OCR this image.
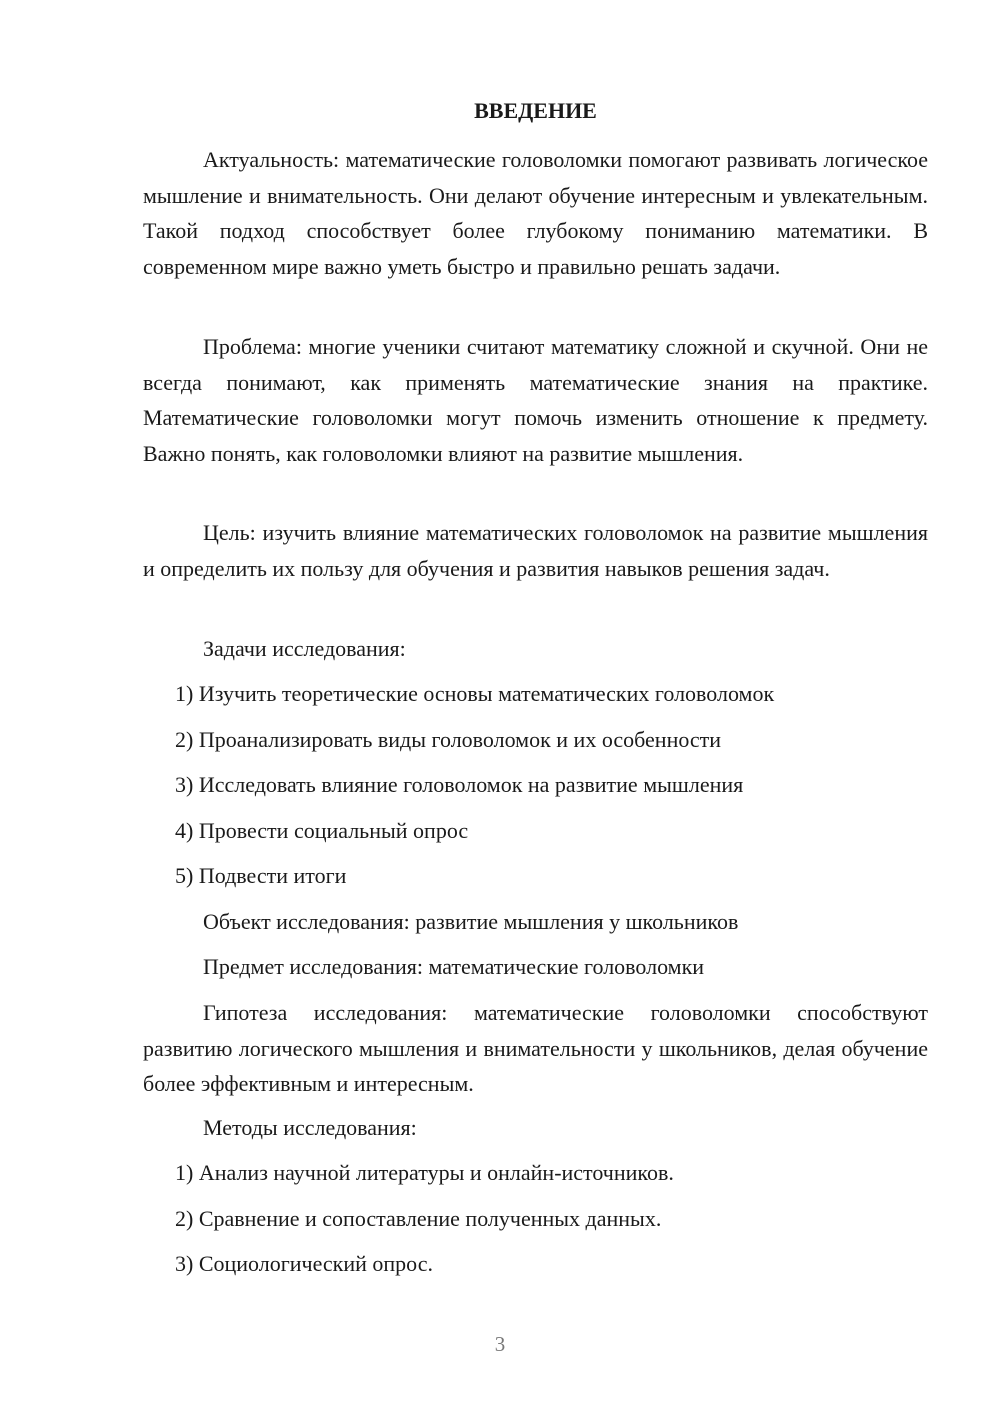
ВВЕДЕНИЕ

Актуальность: математические головоломки помогают развивать логическое мышление и внимательность. Они делают обучение интересным и увлекательным. Такой подход способствует более глубокому пониманию математики. В современном мире важно уметь быстро и правильно решать задачи.

Проблема: многие ученики считают математику сложной и скучной. Они не всегда понимают, как применять математические знания на практике. Математические головоломки могут помочь изменить отношение к предмету. Важно понять, как головоломки влияют на развитие мышления.

Цель: изучить влияние математических головоломок на развитие мышления и определить их пользу для обучения и развития навыков решения задач.

Задачи исследования:

1) Изучить теоретические основы математических головоломок

2) Проанализировать виды головоломок и их особенности

3) Исследовать влияние головоломок на развитие мышления

4) Провести социальный опрос

5) Подвести итоги

Объект исследования: развитие мышления у школьников

Предмет исследования: математические головоломки

Гипотеза исследования: математические головоломки способствуют развитию логического мышления и внимательности у школьников, делая обучение более эффективным и интересным.

Методы исследования:

1) Анализ научной литературы и онлайн-источников.

2) Сравнение и сопоставление полученных данных.

3) Социологический опрос.

3
